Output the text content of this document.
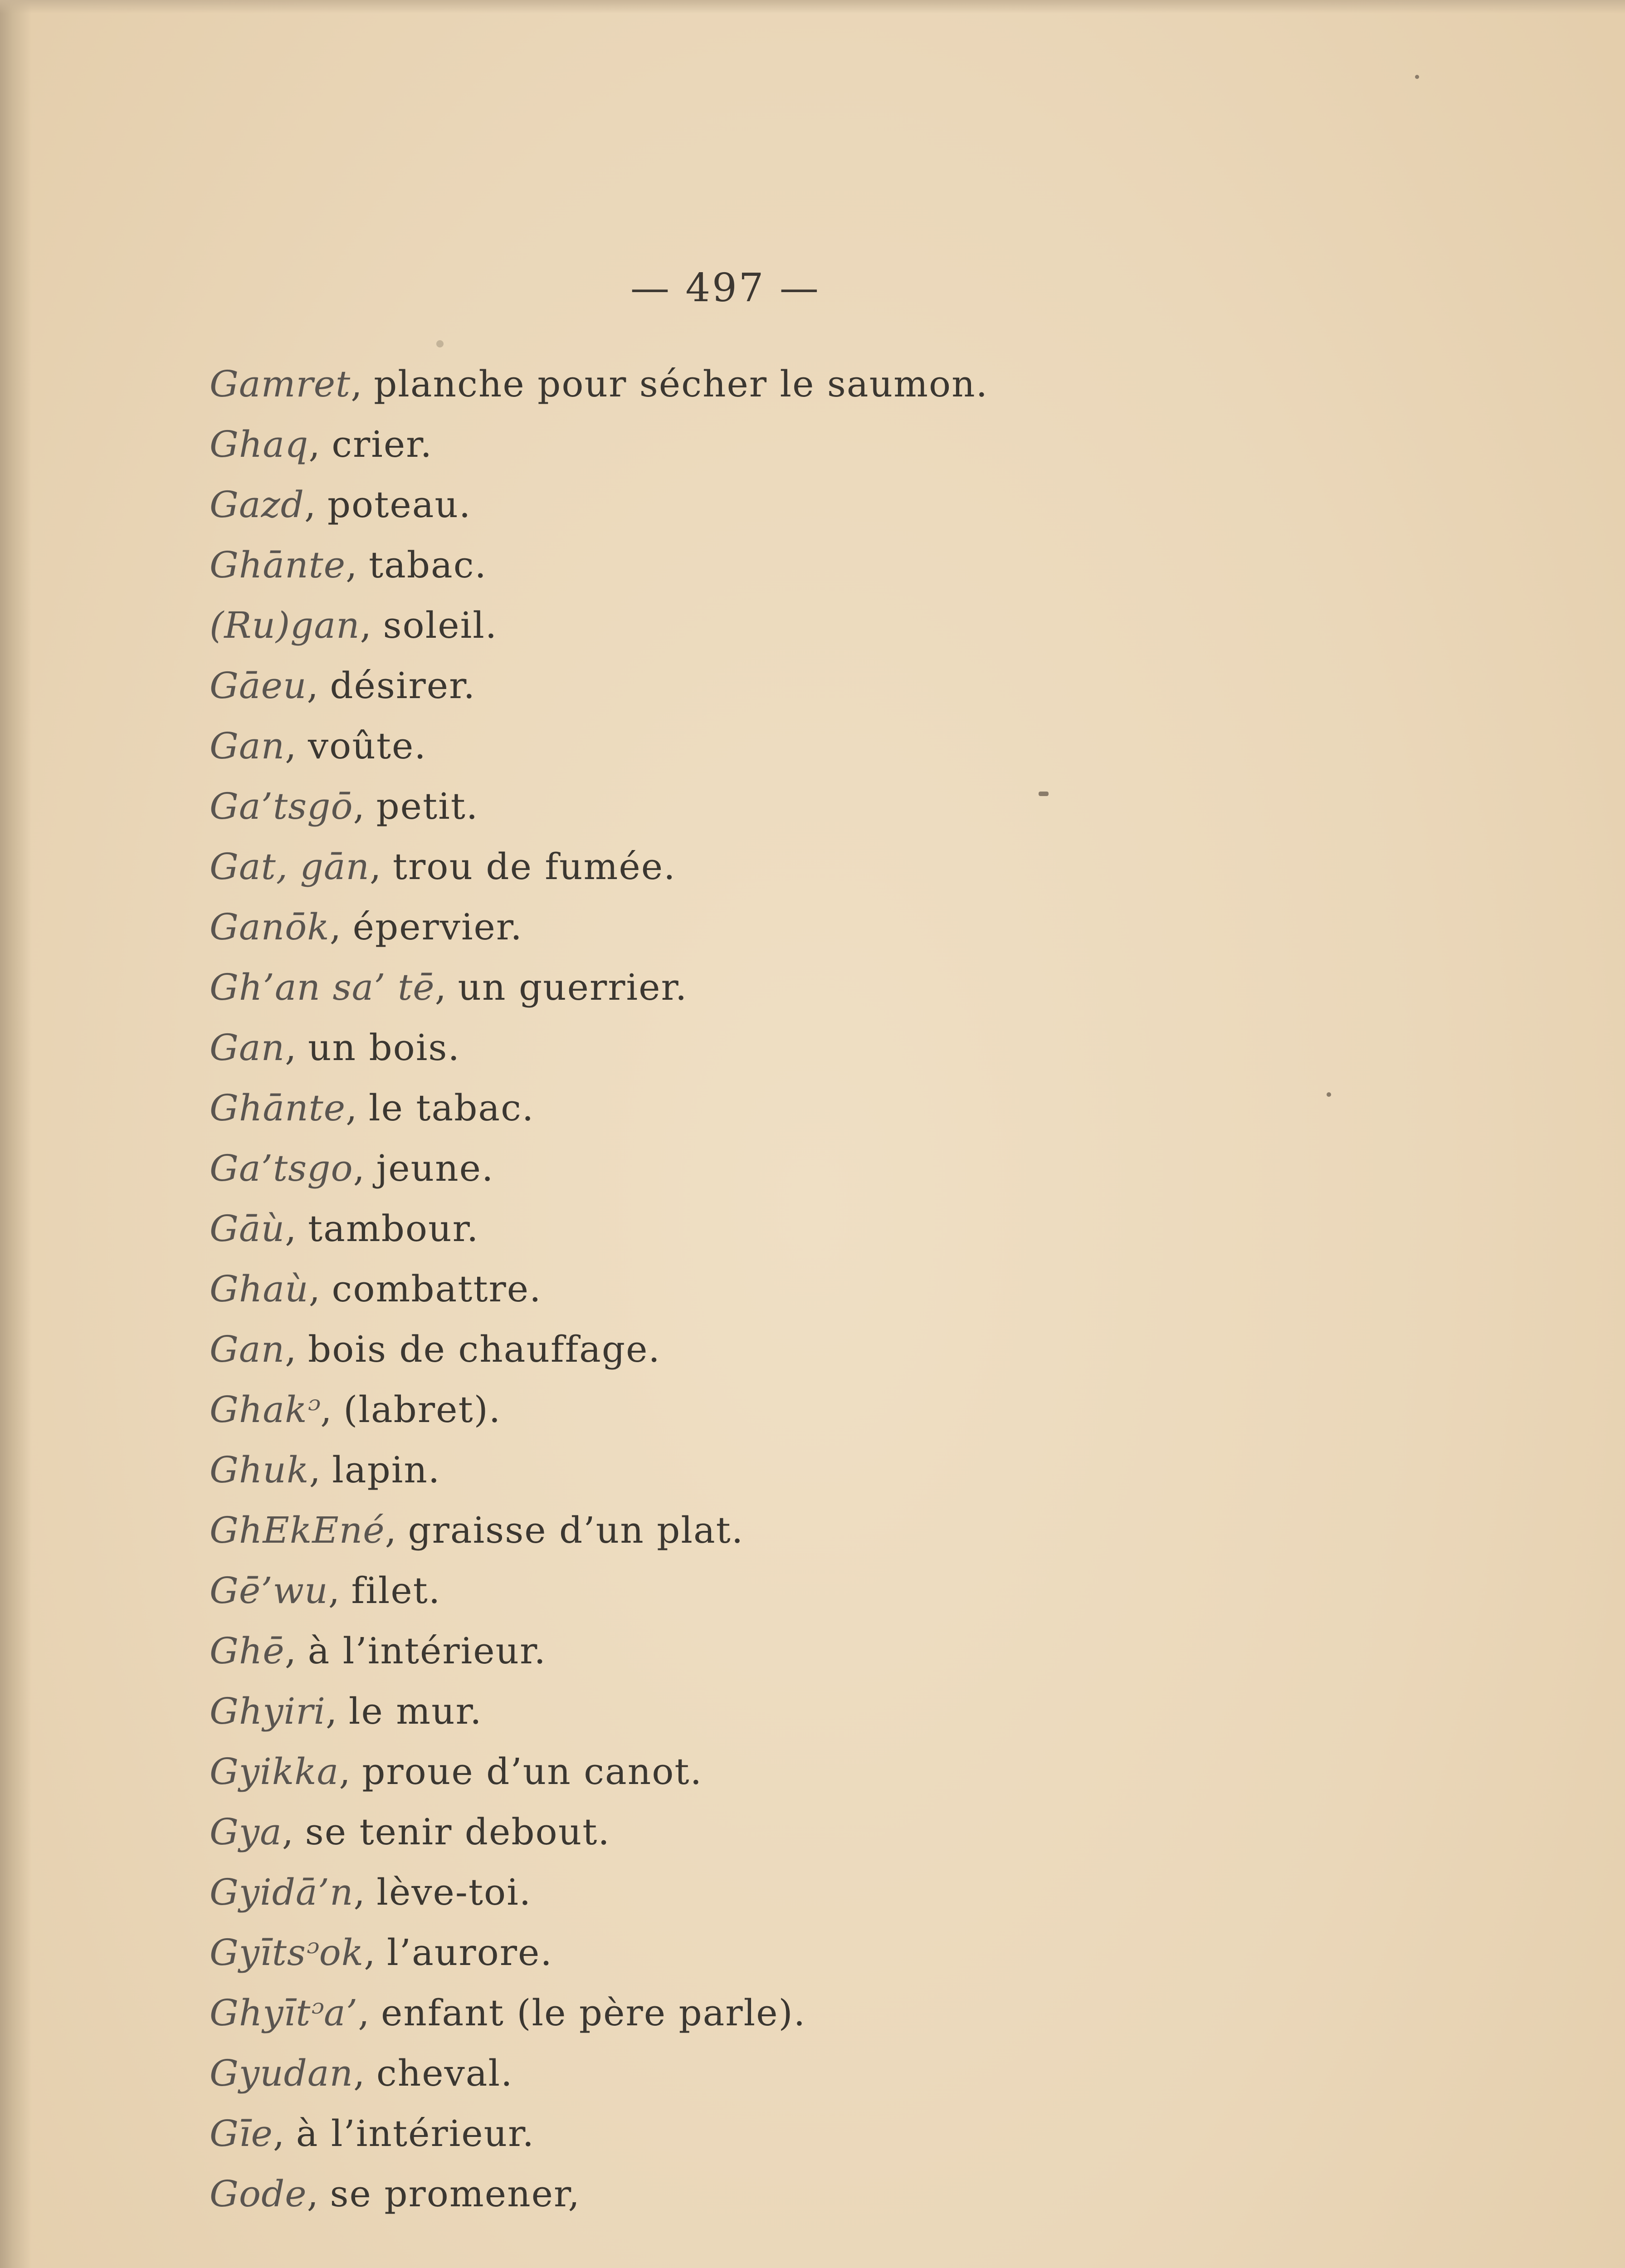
— 497 —
Gamret, planche pour sécher le saumon.
Ghaq, crier.
Gazd, poteau.
Ghānte, tabac.
(Ru)gan, soleil.
Gāeu, désirer.
Gan, voûte.
Ga’tsgō, petit.
Gat, gān, trou de fumée.
Ganōk, épervier.
Gh’an sa’ tē, un guerrier.
Gan, un bois.
Ghānte, le tabac.
Ga’tsgo, jeune.
Gāù, tambour.
Ghaù, combattre.
Gan, bois de chauffage.
Ghakᵓ, (labret).
Ghuk, lapin.
GhEkEné, graisse d’un plat.
Gē’wu, filet.
Ghē, à l’intérieur.
Ghyiri, le mur.
Gyikka, proue d’un canot.
Gya, se tenir debout.
Gyidā’n, lève-toi.
Gyītsᵓok, l’aurore.
Ghyītᵓa’, enfant (le père parle).
Gyudan, cheval.
Gīe, à l’intérieur.
Gode, se promener,
